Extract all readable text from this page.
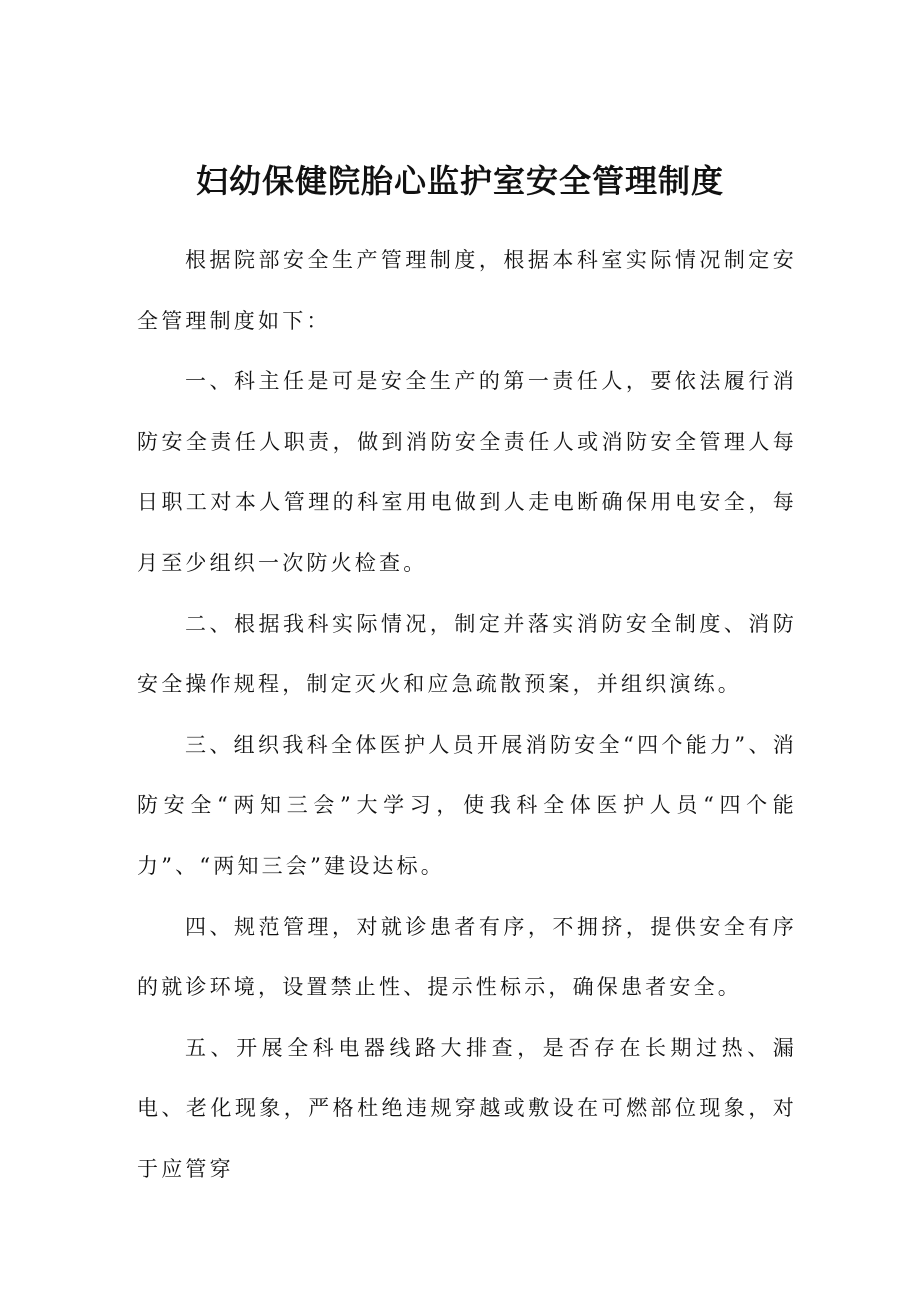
妇幼保健院胎心监护室安全管理制度

根据院部安全生产管理制度，根据本科室实际情况制定安全管理制度如下：

一、科主任是可是安全生产的第一责任人，要依法履行消防安全责任人职责，做到消防安全责任人或消防安全管理人每日职工对本人管理的科室用电做到人走电断确保用电安全，每月至少组织一次防火检查。

二、根据我科实际情况，制定并落实消防安全制度、消防安全操作规程，制定灭火和应急疏散预案，并组织演练。

三、组织我科全体医护人员开展消防安全“四个能力”、消防安全“两知三会”大学习，使我科全体医护人员“四个能力”、“两知三会”建设达标。

四、规范管理，对就诊患者有序，不拥挤，提供安全有序的就诊环境，设置禁止性、提示性标示，确保患者安全。

五、开展全科电器线路大排查，是否存在长期过热、漏电、老化现象，严格杜绝违规穿越或敷设在可燃部位现象，对于应管穿
